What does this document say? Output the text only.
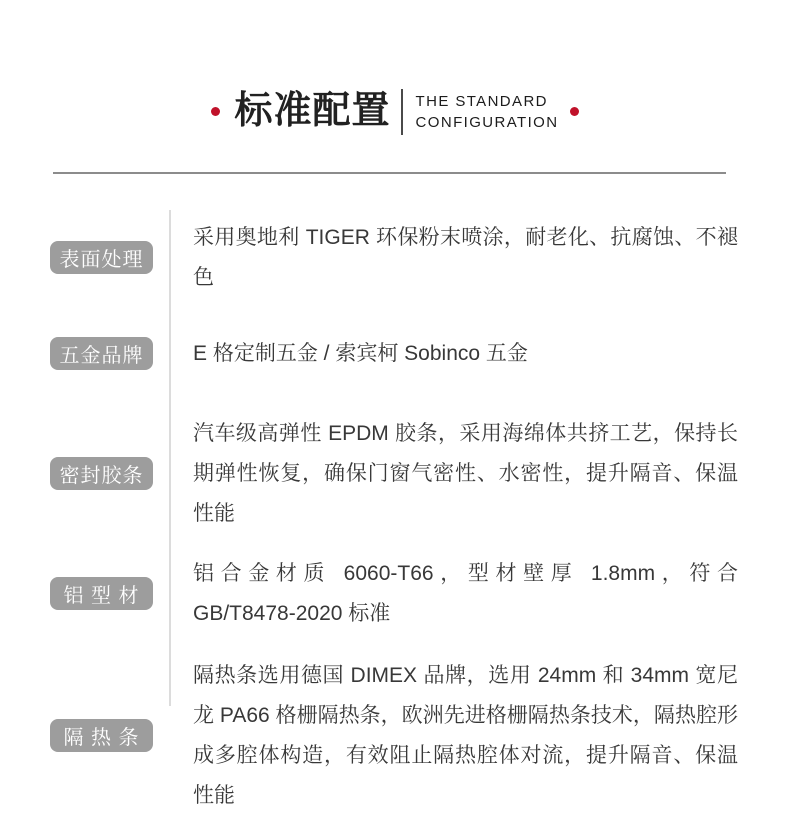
标准配置 THE STANDARD
CONFIGURATION
表面处理
采用奥地利 TIGER 环保粉末喷涂，耐老化、抗腐蚀、不褪色
五金品牌	E 格定制五金 / 索宾柯 Sobinco 五金
密封胶条
汽车级高弹性 EPDM 胶条，采用海绵体共挤工艺，保持长期弹性恢复，确保门窗气密性、水密性，提升隔音、保温性能
铝 型 材
铝合金材质 6060-T66，型材壁厚 1.8mm，符合 GB/T8478-2020 标准
隔 热 条
隔热条选用德国 DIMEX 品牌，选用 24mm 和 34mm 宽尼龙 PA66 格栅隔热条，欧洲先进格栅隔热条技术，隔热腔形成多腔体构造，有效阻止隔热腔体对流，提升隔音、保温性能
